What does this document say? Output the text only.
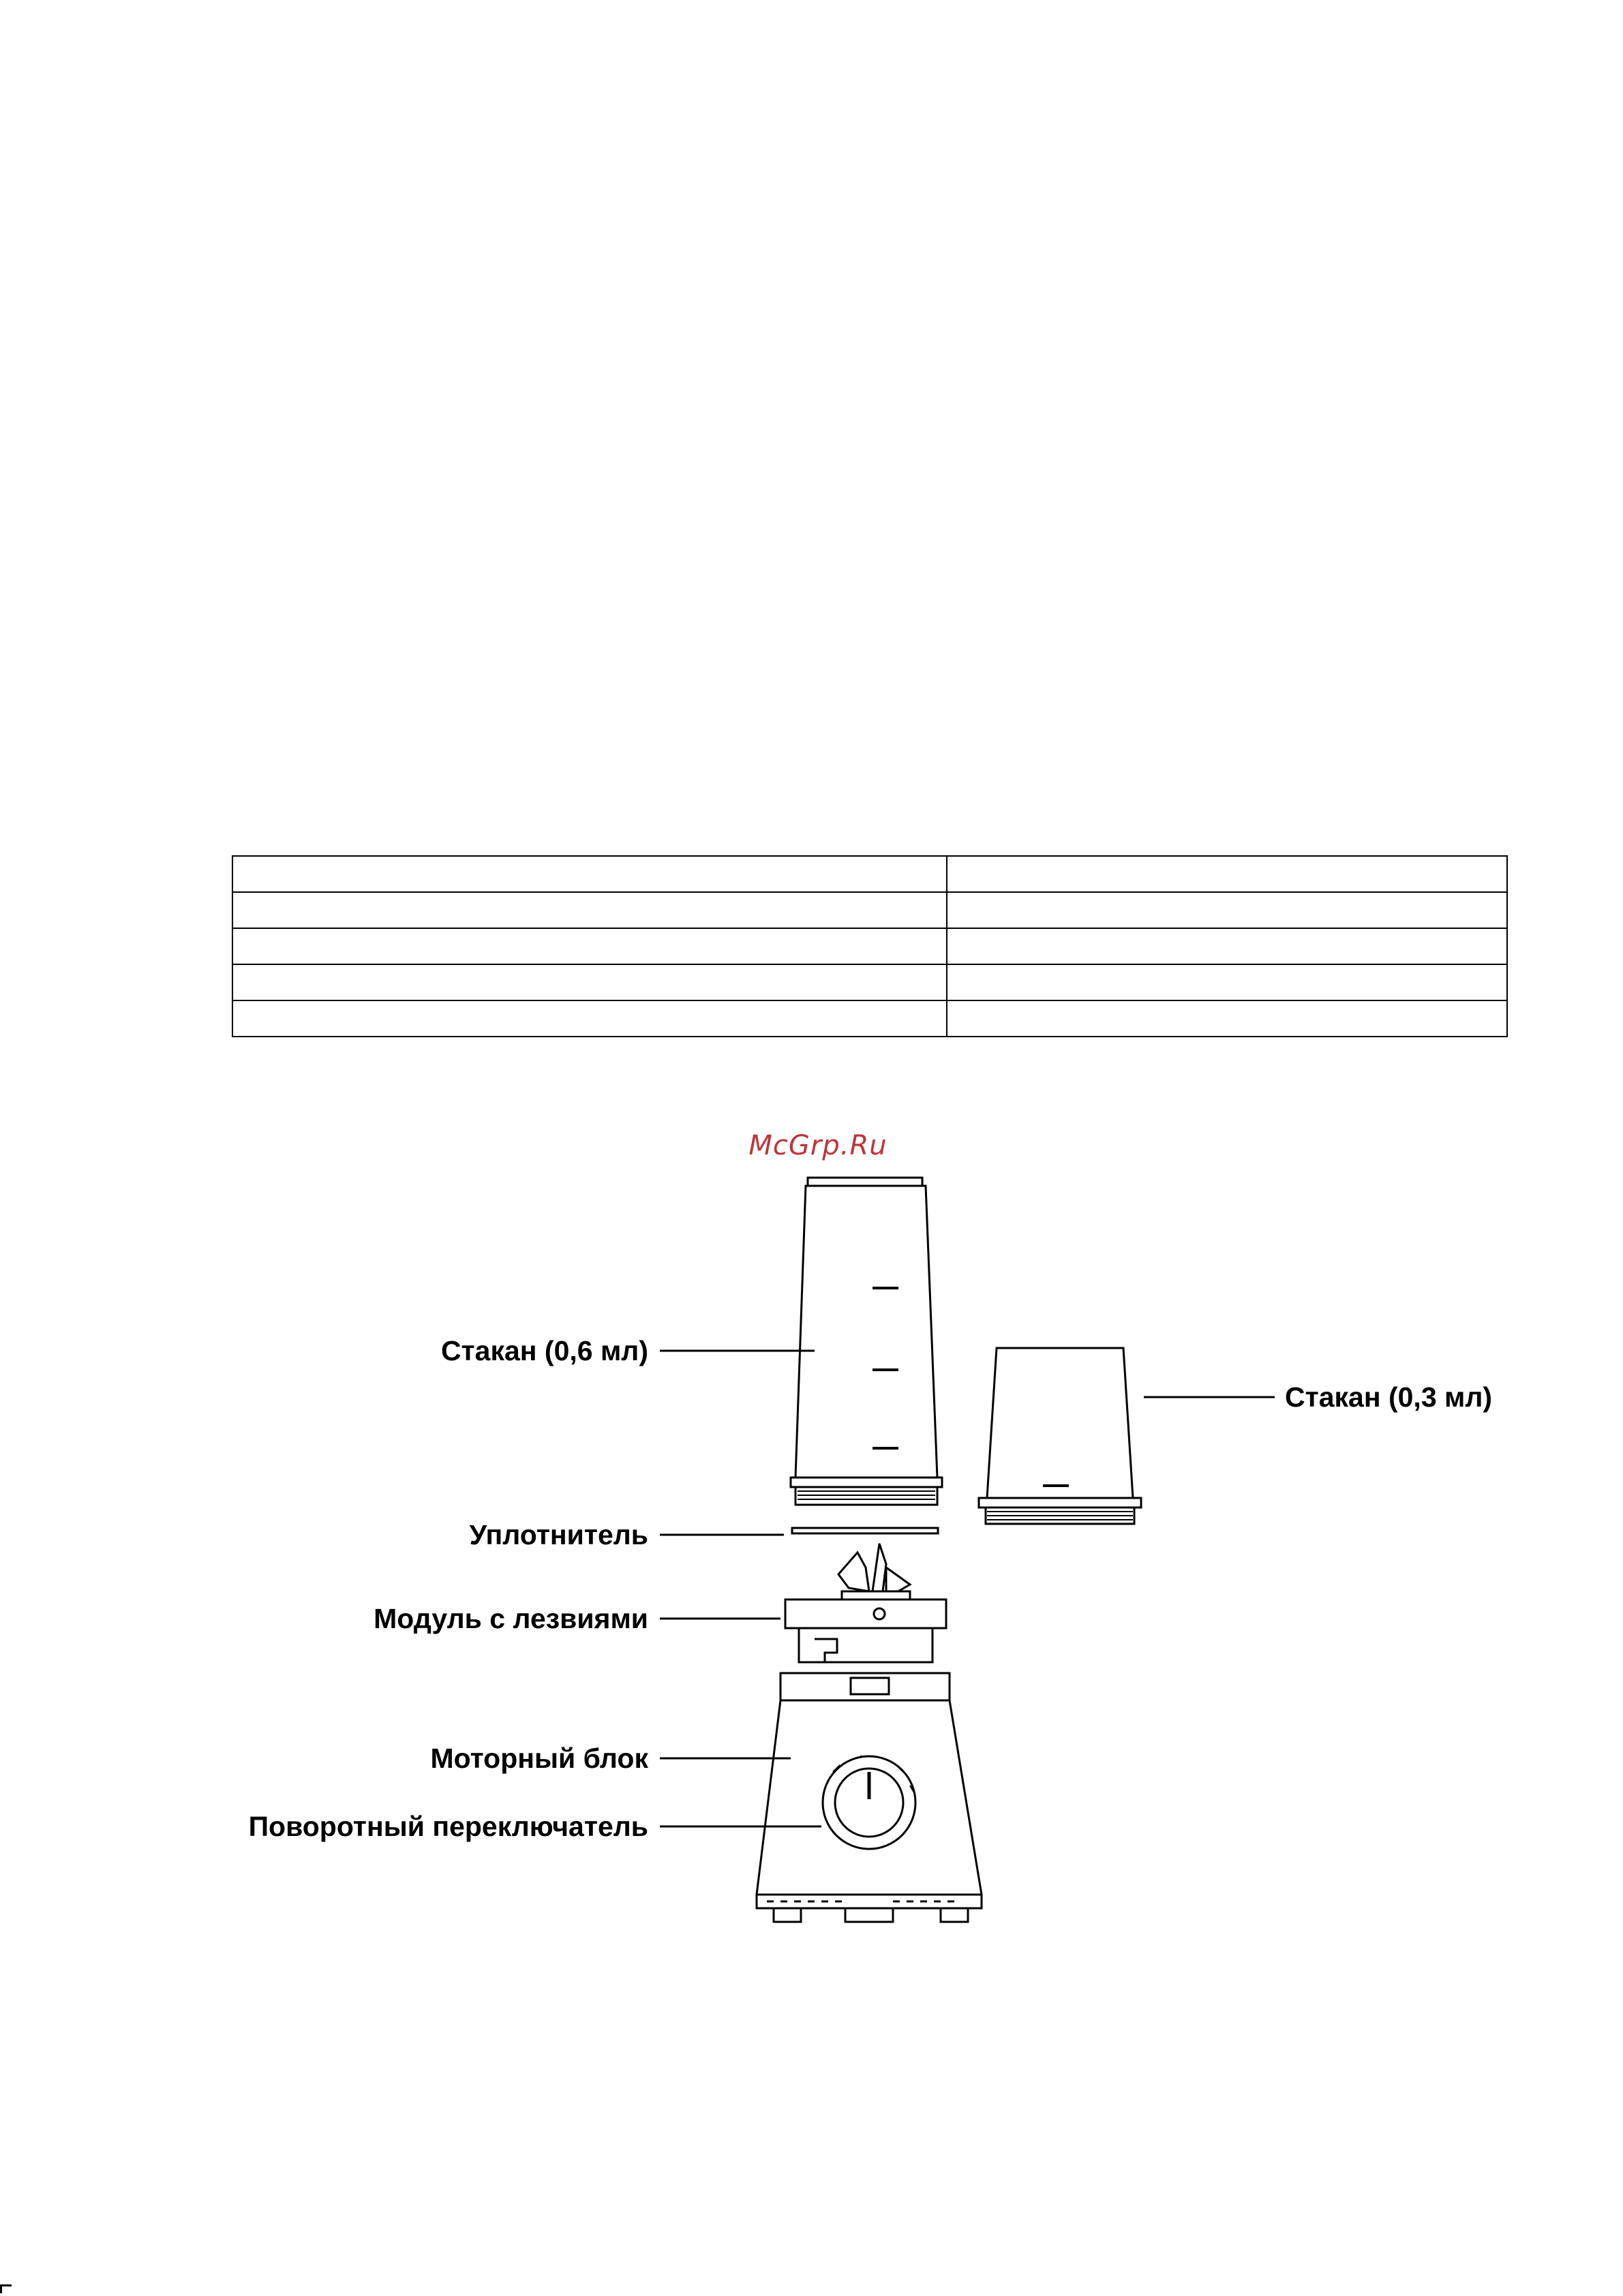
McGrp.Ru
Стакан (0,6 мл)
Стакан (0,3 мл)
Уплотнитель
Модуль с лезвиями
Моторный блок
Поворотный переключатель
